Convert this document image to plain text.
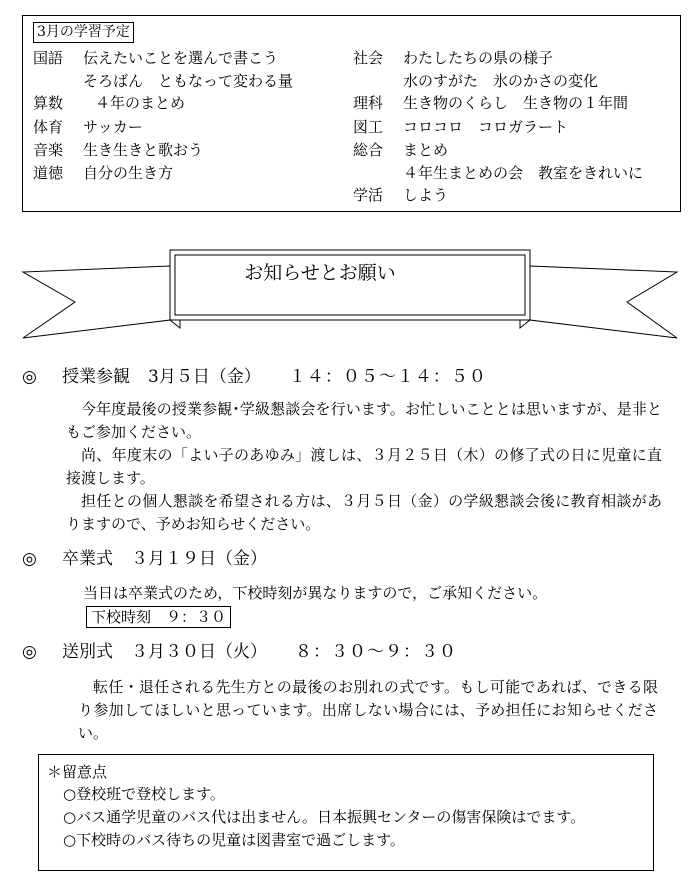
3月の学習予定
国語 伝えたいことを選んで書こう
算数
そろばん　ともなって変わる量
４年のまとめ
体育 サッカー
音楽 生き生きと歌おう
道徳 自分の生き方
社会 わたしたちの県の様子
理科
水のすがた　氷のかさの変化
生き物のくらし　生き物の１年間
図工 コロコロ　コロガラート
総合 まとめ
学活
４年生まとめの会　教室をきれいに
しよう
お知らせとお願い
◎ 授業参観 3月５日（金） １４：０５～１４：５０
今年度最後の授業参観･学級懇談会を行います。お忙しいこととは思いますが、是非ともご参加ください。
尚、年度末の「よい子のあゆみ」渡しは、３月２５日（木）の修了式の日に児童に直接渡します。
担任との個人懇談を希望される方は、３月５日（金）の学級懇談会後に教育相談がありますので、予めお知らせください。
◎ 卒業式 ３月１９日（金）
当日は卒業式のため，下校時刻が異なりますので，ご承知ください。
下校時刻　９：３０
◎ 送別式 ３月３０日（火） ８：３０～９：３０
転任・退任される先生方との最後のお別れの式です。もし可能であれば、できる限り参加してほしいと思っています。出席しない場合には、予め担任にお知らせください。
＊留意点
○登校班で登校します。
○バス通学児童のバス代は出ません。日本振興センターの傷害保険はでます。
○下校時のバス待ちの児童は図書室で過ごします。
